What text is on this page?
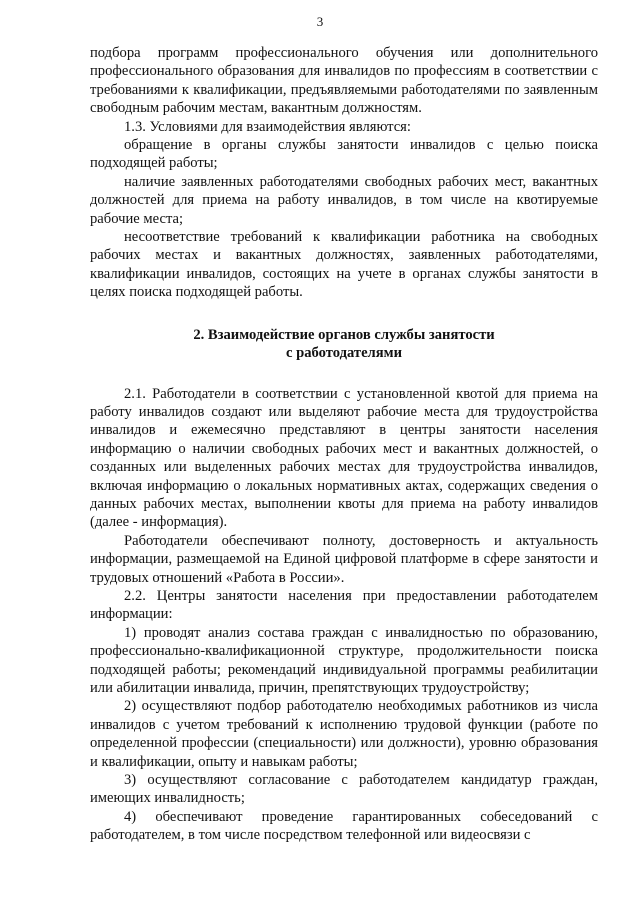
3

подбора программ профессионального обучения или дополнительного профессионального образования для инвалидов по профессиям в соответствии с требованиями к квалификации, предъявляемыми работодателями по заявленным свободным рабочим местам, вакантным должностям.

1.3. Условиями для взаимодействия являются:

обращение в органы службы занятости инвалидов с целью поиска подходящей работы;

наличие заявленных работодателями свободных рабочих мест, вакантных должностей для приема на работу инвалидов, в том числе на квотируемые рабочие места;

несоответствие требований к квалификации работника на свободных рабочих местах и вакантных должностях, заявленных работодателями, квалификации инвалидов, состоящих на учете в органах службы занятости в целях поиска подходящей работы.

2. Взаимодействие органов службы занятости
с работодателями

2.1. Работодатели в соответствии с установленной квотой для приема на работу инвалидов создают или выделяют рабочие места для трудоустройства инвалидов и ежемесячно представляют в центры занятости населения информацию о наличии свободных рабочих мест и вакантных должностей, о созданных или выделенных рабочих местах для трудоустройства инвалидов, включая информацию о локальных нормативных актах, содержащих сведения о данных рабочих местах, выполнении квоты для приема на работу инвалидов (далее - информация).

Работодатели обеспечивают полноту, достоверность и актуальность информации, размещаемой на Единой цифровой платформе в сфере занятости и трудовых отношений «Работа в России».

2.2. Центры занятости населения при предоставлении работодателем информации:

1) проводят анализ состава граждан с инвалидностью по образованию, профессионально-квалификационной структуре, продолжительности поиска подходящей работы; рекомендаций индивидуальной программы реабилитации или абилитации инвалида, причин, препятствующих трудоустройству;

2) осуществляют подбор работодателю необходимых работников из числа инвалидов с учетом требований к исполнению трудовой функции (работе по определенной профессии (специальности) или должности), уровню образования и квалификации, опыту и навыкам работы;

3) осуществляют согласование с работодателем кандидатур граждан, имеющих инвалидность;

4) обеспечивают проведение гарантированных собеседований с работодателем, в том числе посредством телефонной или видеосвязи с
